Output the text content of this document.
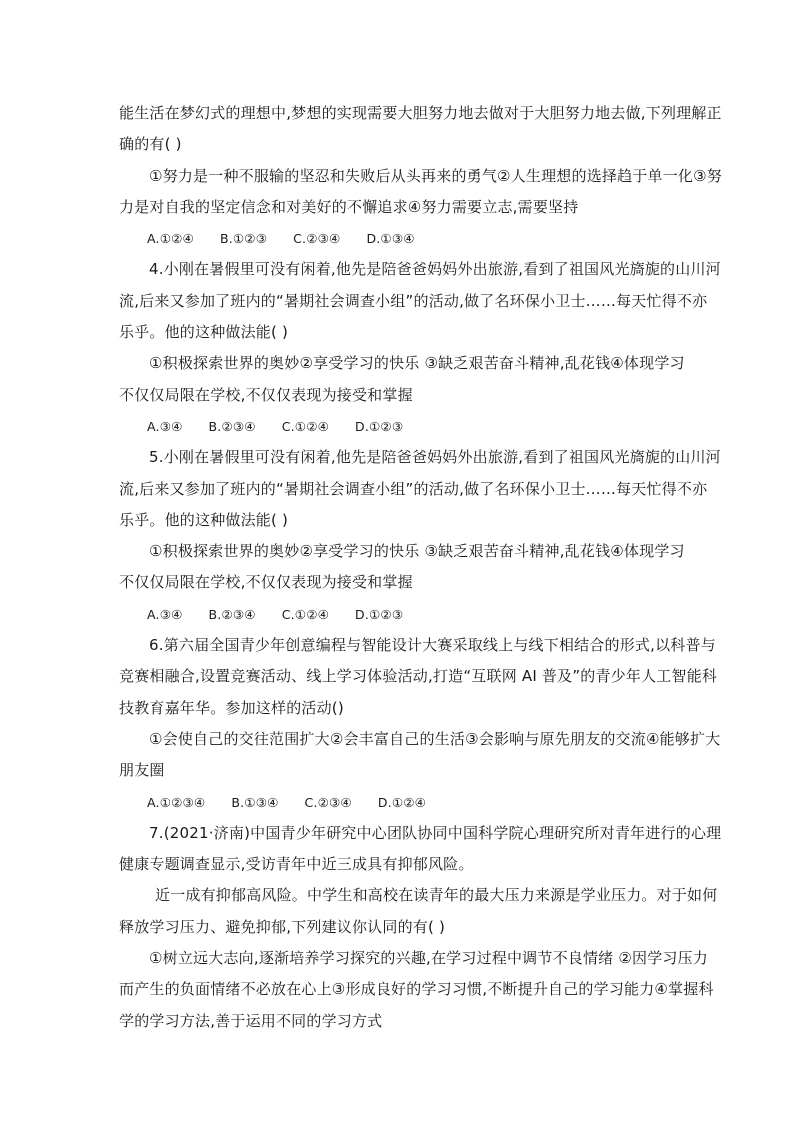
能生活在梦幻式的理想中,梦想的实现需要大胆努力地去做对于大胆努力地去做,下列理解正
确的有( )
①努力是一种不服输的坚忍和失败后从头再来的勇气②人生理想的选择趋于单一化③努
力是对自我的坚定信念和对美好的不懈追求④努力需要立志,需要坚持
A.①②④ B.①②③ C.②③④ D.①③④
4.小刚在暑假里可没有闲着,他先是陪爸爸妈妈外出旅游,看到了祖国风光旖旎的山川河
流,后来又参加了班内的“暑期社会调查小组”的活动,做了名环保小卫士……每天忙得不亦
乐乎。他的这种做法能( )
①积极探索世界的奥妙②享受学习的快乐 ③缺乏艰苦奋斗精神,乱花钱④体现学习
不仅仅局限在学校,不仅仅表现为接受和掌握
A.③④ B.②③④ C.①②④ D.①②③
5.小刚在暑假里可没有闲着,他先是陪爸爸妈妈外出旅游,看到了祖国风光旖旎的山川河
流,后来又参加了班内的“暑期社会调查小组”的活动,做了名环保小卫士……每天忙得不亦
乐乎。他的这种做法能( )
①积极探索世界的奥妙②享受学习的快乐 ③缺乏艰苦奋斗精神,乱花钱④体现学习
不仅仅局限在学校,不仅仅表现为接受和掌握
A.③④ B.②③④ C.①②④ D.①②③
6.第六届全国青少年创意编程与智能设计大赛采取线上与线下相结合的形式,以科普与
竞赛相融合,设置竞赛活动、线上学习体验活动,打造“互联网 AI 普及”的青少年人工智能科
技教育嘉年华。参加这样的活动()
①会使自己的交往范围扩大②会丰富自己的生活③会影响与原先朋友的交流④能够扩大
朋友圈
A.①②③④ B.①③④ C.②③④ D.①②④
7.(2021·济南)中国青少年研究中心团队协同中国科学院心理研究所对青年进行的心理
健康专题调查显示,受访青年中近三成具有抑郁风险。
近一成有抑郁高风险。中学生和高校在读青年的最大压力来源是学业压力。对于如何
释放学习压力、避免抑郁,下列建议你认同的有( )
①树立远大志向,逐渐培养学习探究的兴趣,在学习过程中调节不良情绪 ②因学习压力
而产生的负面情绪不必放在心上③形成良好的学习习惯,不断提升自己的学习能力④掌握科
学的学习方法,善于运用不同的学习方式
